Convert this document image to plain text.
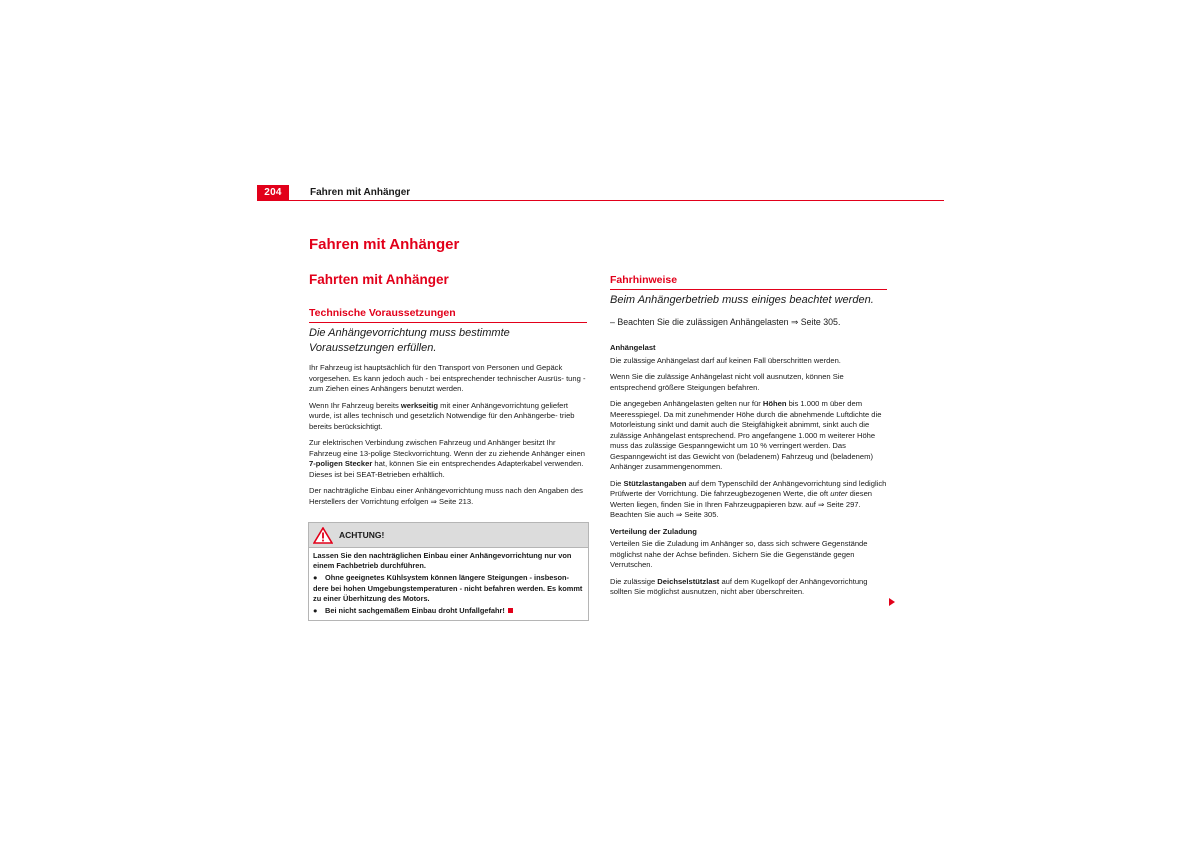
204	Fahren mit Anhänger
Fahren mit Anhänger
Fahrten mit Anhänger
Technische Voraussetzungen
Die Anhängevorrichtung muss bestimmte Voraussetzungen erfüllen.

Ihr Fahrzeug ist hauptsächlich für den Transport von Personen und Gepäck vorgesehen. Es kann jedoch auch - bei entsprechender technischer Ausrüs- tung - zum Ziehen eines Anhängers benutzt werden.

Wenn Ihr Fahrzeug bereits werkseitig mit einer Anhängevorrichtung geliefert wurde, ist alles technisch und gesetzlich Notwendige für den Anhängerbe- trieb bereits berücksichtigt.

Zur elektrischen Verbindung zwischen Fahrzeug und Anhänger besitzt Ihr Fahrzeug eine 13-polige Steckvorrichtung. Wenn der zu ziehende Anhänger einen 7-poligen Stecker hat, können Sie ein entsprechendes Adapterkabel verwenden. Dieses ist bei SEAT-Betrieben erhältlich.

Der nachträgliche Einbau einer Anhängevorrichtung muss nach den Angaben des Herstellers der Vorrichtung erfolgen ⇒ Seite 213.

ACHTUNG!

Lassen Sie den nachträglichen Einbau einer Anhängevorrichtung nur von einem Fachbetrieb durchführen.

● Ohne geeignetes Kühlsystem können längere Steigungen - insbeson- dere bei hohen Umgebungstemperaturen - nicht befahren werden. Es kommt zu einer Überhitzung des Motors.

● Bei nicht sachgemäßem Einbau droht Unfallgefahr!

Fahrhinweise
Beim Anhängerbetrieb muss einiges beachtet werden.
– Beachten Sie die zulässigen Anhängelasten ⇒ Seite 305.
Anhängelast

Die zulässige Anhängelast darf auf keinen Fall überschritten werden.

Wenn Sie die zulässige Anhängelast nicht voll ausnutzen, können Sie entsprechend größere Steigungen befahren.

Die angegeben Anhängelasten gelten nur für Höhen bis 1.000 m über dem Meeresspiegel. Da mit zunehmender Höhe durch die abnehmende Luftdichte die Motorleistung sinkt und damit auch die Steigfähigkeit abnimmt, sinkt auch die zulässige Anhängelast entsprechend. Pro angefangene 1.000 m weiterer Höhe muss das zulässige Gespanngewicht um 10 % verringert werden. Das Gespanngewicht ist das Gewicht von (beladenem) Fahrzeug und (beladenem) Anhänger zusammengenommen.

Die Stützlastangaben auf dem Typenschild der Anhängevorrichtung sind lediglich Prüfwerte der Vorrichtung. Die fahrzeugbezogenen Werte, die oft unter diesen Werten liegen, finden Sie in Ihren Fahrzeugpapieren bzw. auf ⇒ Seite 297. Beachten Sie auch ⇒ Seite 305.

Verteilung der Zuladung

Verteilen Sie die Zuladung im Anhänger so, dass sich schwere Gegenstände möglichst nahe der Achse befinden. Sichern Sie die Gegenstände gegen Verrutschen.

Die zulässige Deichselstützlast auf dem Kugelkopf der Anhängevorrichtung sollten Sie möglichst ausnutzen, nicht aber überschreiten.
